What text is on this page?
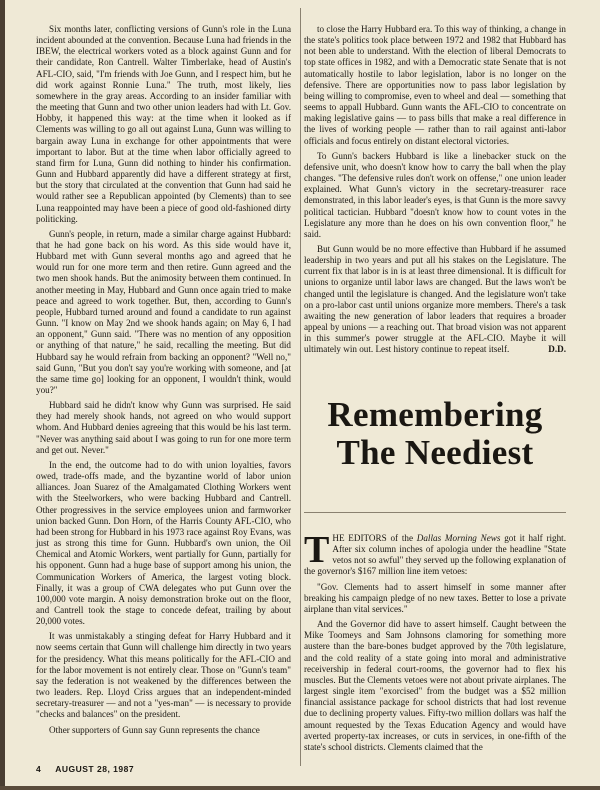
Six months later, conflicting versions of Gunn's role in the Luna incident abounded at the convention. Because Luna had friends in the IBEW, the electrical workers voted as a block against Gunn and for their candidate, Ron Cantrell. Walter Timberlake, head of Austin's AFL-CIO, said, "I'm friends with Joe Gunn, and I respect him, but he did work against Ronnie Luna." The truth, most likely, lies somewhere in the gray areas. According to an insider familiar with the meeting that Gunn and two other union leaders had with Lt. Gov. Hobby, it happened this way: at the time when it looked as if Clements was willing to go all out against Luna, Gunn was willing to bargain away Luna in exchange for other appointments that were important to labor. But at the time when labor officially agreed to stand firm for Luna, Gunn did nothing to hinder his confirmation. Gunn and Hubbard apparently did have a different strategy at first, but the story that circulated at the convention that Gunn had said he would rather see a Republican appointed (by Clements) than to see Luna reappointed may have been a piece of good old-fashioned dirty politicking.

Gunn's people, in return, made a similar charge against Hubbard: that he had gone back on his word. As this side would have it, Hubbard met with Gunn several months ago and agreed that he would run for one more term and then retire. Gunn agreed and the two men shook hands. But the animosity between them continued. In another meeting in May, Hubbard and Gunn once again tried to make peace and agreed to work together. But, then, according to Gunn's people, Hubbard turned around and found a candidate to run against Gunn. "I know on May 2nd we shook hands again; on May 6, I had an opponent," Gunn said. "There was no mention of any opposition or anything of that nature," he said, recalling the meeting. But did Hubbard say he would refrain from backing an opponent? "Well no," said Gunn, "But you don't say you're working with someone, and [at the same time go] looking for an opponent, I wouldn't think, would you?"

Hubbard said he didn't know why Gunn was surprised. He said they had merely shook hands, not agreed on who would support whom. And Hubbard denies agreeing that this would be his last term. "Never was anything said about I was going to run for one more term and get out. Never."

In the end, the outcome had to do with union loyalties, favors owed, trade-offs made, and the byzantine world of labor union alliances. Joan Suarez of the Amalgamated Clothing Workers went with the Steelworkers, who were backing Hubbard and Cantrell. Other progressives in the service employees union and farmworker union backed Gunn. Don Horn, of the Harris County AFL-CIO, who had been strong for Hubbard in his 1973 race against Roy Evans, was just as strong this time for Gunn. Hubbard's own union, the Oil Chemical and Atomic Workers, went partially for Gunn, partially for his opponent. Gunn had a huge base of support among his union, the Communication Workers of America, the largest voting block. Finally, it was a group of CWA delegates who put Gunn over the 100,000 vote margin. A noisy demonstration broke out on the floor, and Cantrell took the stage to concede defeat, trailing by about 20,000 votes.

It was unmistakably a stinging defeat for Harry Hubbard and it now seems certain that Gunn will challenge him directly in two years for the presidency. What this means politically for the AFL-CIO and for the labor movement is not entirely clear. Those on "Gunn's team" say the federation is not weakened by the differences between the two leaders. Rep. Lloyd Criss argues that an independent-minded secretary-treasurer — and not a "yes-man" — is necessary to provide "checks and balances" on the president.

Other supporters of Gunn say Gunn represents the chance

to close the Harry Hubbard era. To this way of thinking, a change in the state's politics took place between 1972 and 1982 that Hubbard has not been able to understand. With the election of liberal Democrats to top state offices in 1982, and with a Democratic state Senate that is not automatically hostile to labor legislation, labor is no longer on the defensive. There are opportunities now to pass labor legislation by being willing to compromise, even to wheel and deal — something that seems to appall Hubbard. Gunn wants the AFL-CIO to concentrate on making legislative gains — to pass bills that make a real difference in the lives of working people — rather than to rail against anti-labor officials and focus entirely on distant electoral victories.

To Gunn's backers Hubbard is like a linebacker stuck on the defensive unit, who doesn't know how to carry the ball when the play changes. "The defensive rules don't work on offense," one union leader explained. What Gunn's victory in the secretary-treasurer race demonstrated, in this labor leader's eyes, is that Gunn is the more savvy political tactician. Hubbard "doesn't know how to count votes in the Legislature any more than he does on his own convention floor," he said.

But Gunn would be no more effective than Hubbard if he assumed leadership in two years and put all his stakes on the Legislature. The current fix that labor is in is at least three dimensional. It is difficult for unions to organize until labor laws are changed. But the laws won't be changed until the legislature is changed. And the legislature won't take on a pro-labor cast until unions organize more members. There's a task awaiting the new generation of labor leaders that requires a broader appeal by unions — a reaching out. That broad vision was not apparent in this summer's power struggle at the AFL-CIO. Maybe it will ultimately win out. Lest history continue to repeat itself.	D.D.

Remembering
The Neediest

THE EDITORS of the Dallas Morning News got it half right. After six column inches of apologia under the headline "State vetos not so awful" they served up the following explanation of the governor's $167 million line item vetoes:

"Gov. Clements had to assert himself in some manner after breaking his campaign pledge of no new taxes. Better to lose a private airplane than vital services."

And the Governor did have to assert himself. Caught between the Mike Toomeys and Sam Johnsons clamoring for something more austere than the bare-bones budget approved by the 70th legislature, and the cold reality of a state going into moral and administrative receivership in federal court-rooms, the governor had to flex his muscles. But the Clements vetoes were not about private airplanes. The largest single item "exorcised" from the budget was a $52 million financial assistance package for school districts that had lost revenue due to declining property values. Fifty-two million dollars was half the amount requested by the Texas Education Agency and would have averted property-tax increases, or cuts in services, in one-fifth of the state's school districts. Clements claimed that the

4 AUGUST 28, 1987
